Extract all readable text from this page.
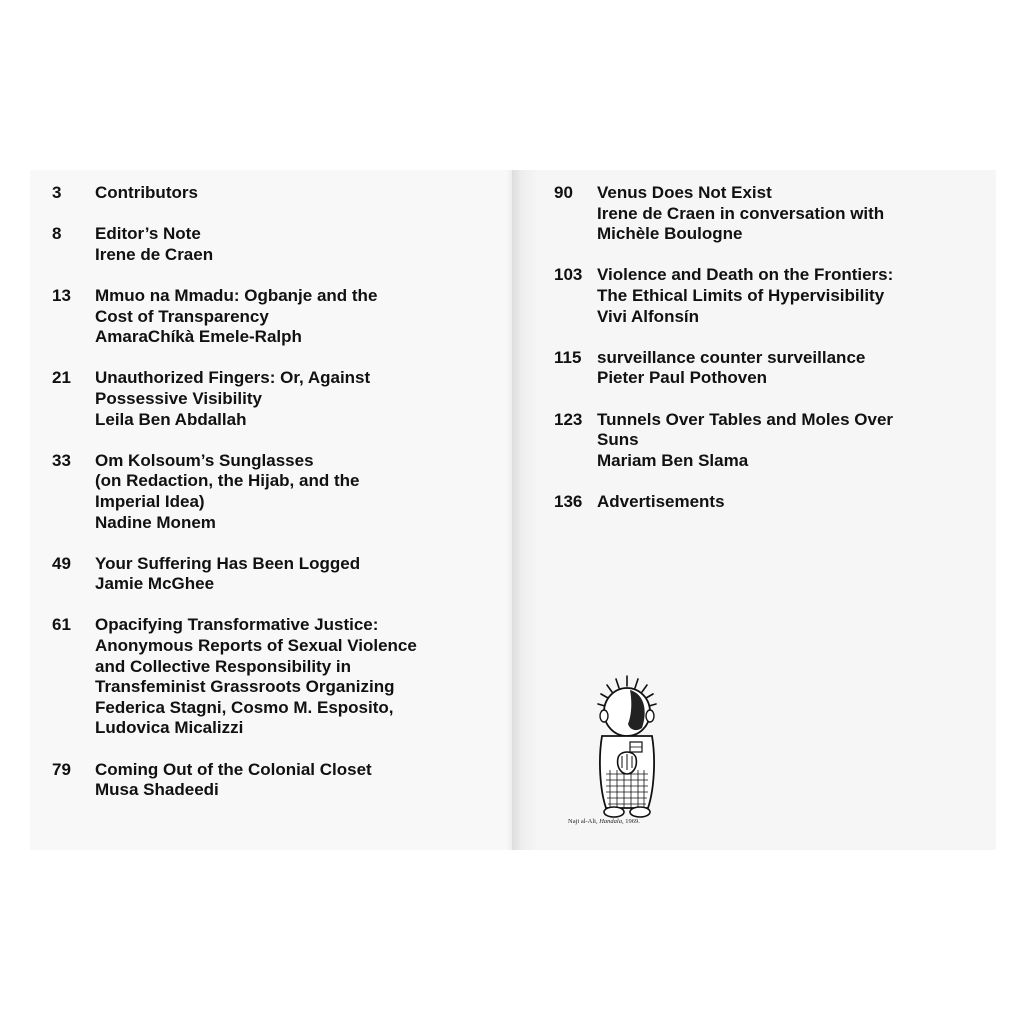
3	Contributors
8	Editor’s Note
Irene de Craen
13	Mmuo na Mmadu: Ogbanje and the
Cost of Transparency
AmaraChíkà Emele-Ralph
21	Unauthorized Fingers: Or, Against
Possessive Visibility
Leila Ben Abdallah
33	Om Kolsoum’s Sunglasses
(on Redaction, the Hijab, and the
Imperial Idea)
Nadine Monem
49	Your Suffering Has Been Logged
Jamie McGhee
61	Opacifying Transformative Justice:
Anonymous Reports of Sexual Violence
and Collective Responsibility in
Transfeminist Grassroots Organizing
Federica Stagni, Cosmo M. Esposito,
Ludovica Micalizzi
79	Coming Out of the Colonial Closet
Musa Shadeedi
90	Venus Does Not Exist
Irene de Craen in conversation with
Michèle Boulogne
103 Violence and Death on the Frontiers:
The Ethical Limits of Hypervisibility
Vivi Alfonsín
115 surveillance counter surveillance
Pieter Paul Pothoven
123 Tunnels Over Tables and Moles Over
Suns
Mariam Ben Slama
136 Advertisements
Naji al-Ali, Handala, 1969.
